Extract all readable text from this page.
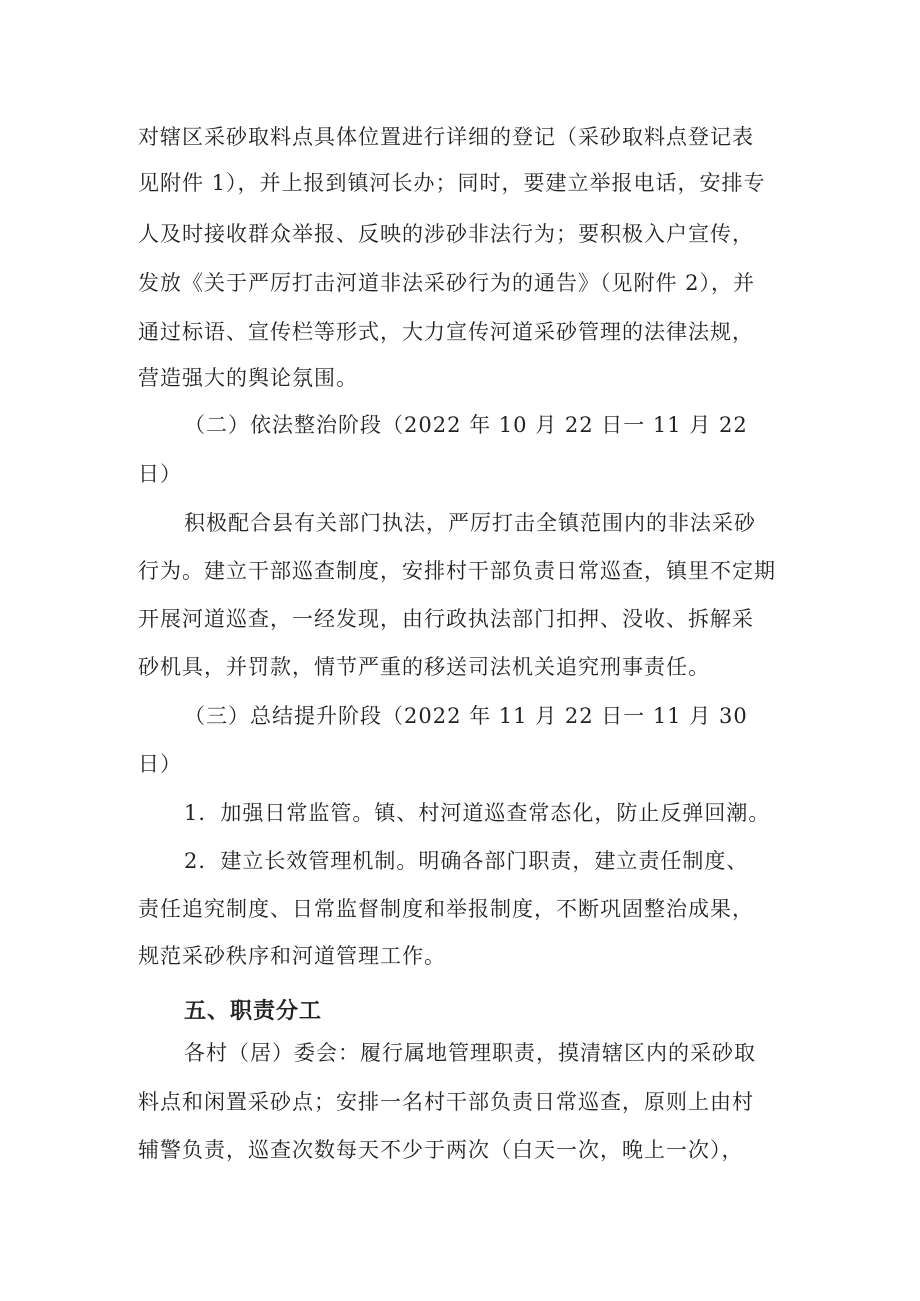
对辖区采砂取料点具体位置进行详细的登记（采砂取料点登记表
见附件 1），并上报到镇河长办；同时，要建立举报电话，安排专
人及时接收群众举报、反映的涉砂非法行为；要积极入户宣传，
发放《关于严厉打击河道非法采砂行为的通告》（见附件 2），并
通过标语、宣传栏等形式，大力宣传河道采砂管理的法律法规，
营造强大的舆论氛围。
（二）依法整治阶段（2022 年 10 月 22 日一 11 月 22
日）
积极配合县有关部门执法，严厉打击全镇范围内的非法采砂
行为。建立干部巡查制度，安排村干部负责日常巡查，镇里不定期
开展河道巡查，一经发现，由行政执法部门扣押、没收、拆解采
砂机具，并罚款，情节严重的移送司法机关追究刑事责任。
（三）总结提升阶段（2022 年 11 月 22 日一 11 月 30
日）
1．加强日常监管。镇、村河道巡查常态化，防止反弹回潮。
2．建立长效管理机制。明确各部门职责，建立责任制度、
责任追究制度、日常监督制度和举报制度，不断巩固整治成果，
规范采砂秩序和河道管理工作。
五、职责分工
各村（居）委会：履行属地管理职责，摸清辖区内的采砂取
料点和闲置采砂点；安排一名村干部负责日常巡查，原则上由村
辅警负责，巡查次数每天不少于两次（白天一次，晚上一次），
